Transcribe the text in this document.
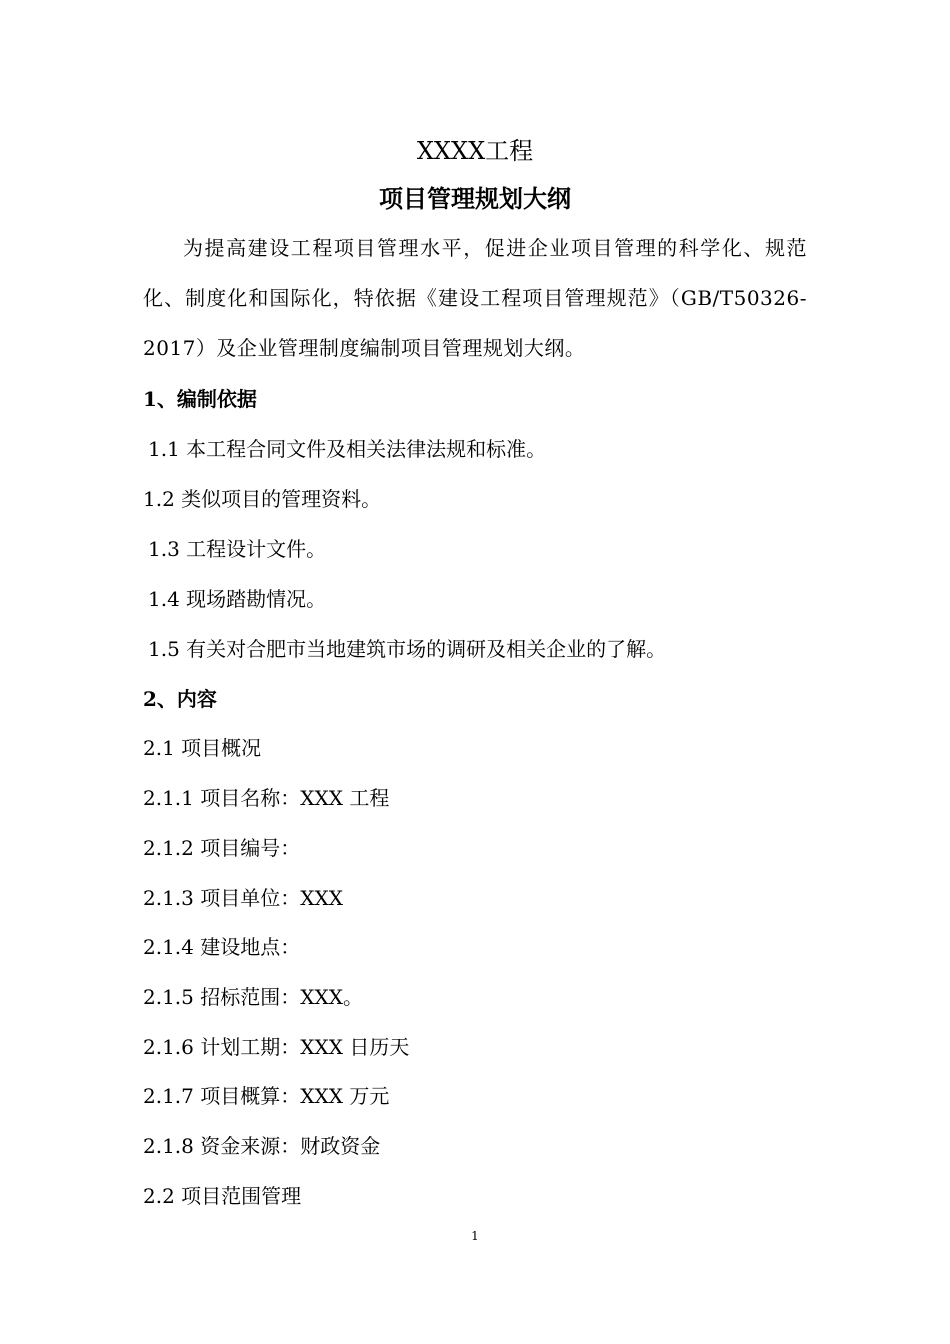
XXXX工程
项目管理规划大纲
为提高建设工程项目管理水平，促进企业项目管理的科学化、规范化、制度化和国际化，特依据《建设工程项目管理规范》（GB/T50326-2017）及企业管理制度编制项目管理规划大纲。
1、编制依据
1.1 本工程合同文件及相关法律法规和标准。
1.2 类似项目的管理资料。
1.3 工程设计文件。
1.4 现场踏勘情况。
1.5 有关对合肥市当地建筑市场的调研及相关企业的了解。
2、内容
2.1 项目概况
2.1.1 项目名称：XXX 工程
2.1.2 项目编号：
2.1.3 项目单位：XXX
2.1.4 建设地点：
2.1.5 招标范围：XXX。
2.1.6 计划工期：XXX 日历天
2.1.7 项目概算：XXX 万元
2.1.8 资金来源：财政资金
2.2 项目范围管理
1
